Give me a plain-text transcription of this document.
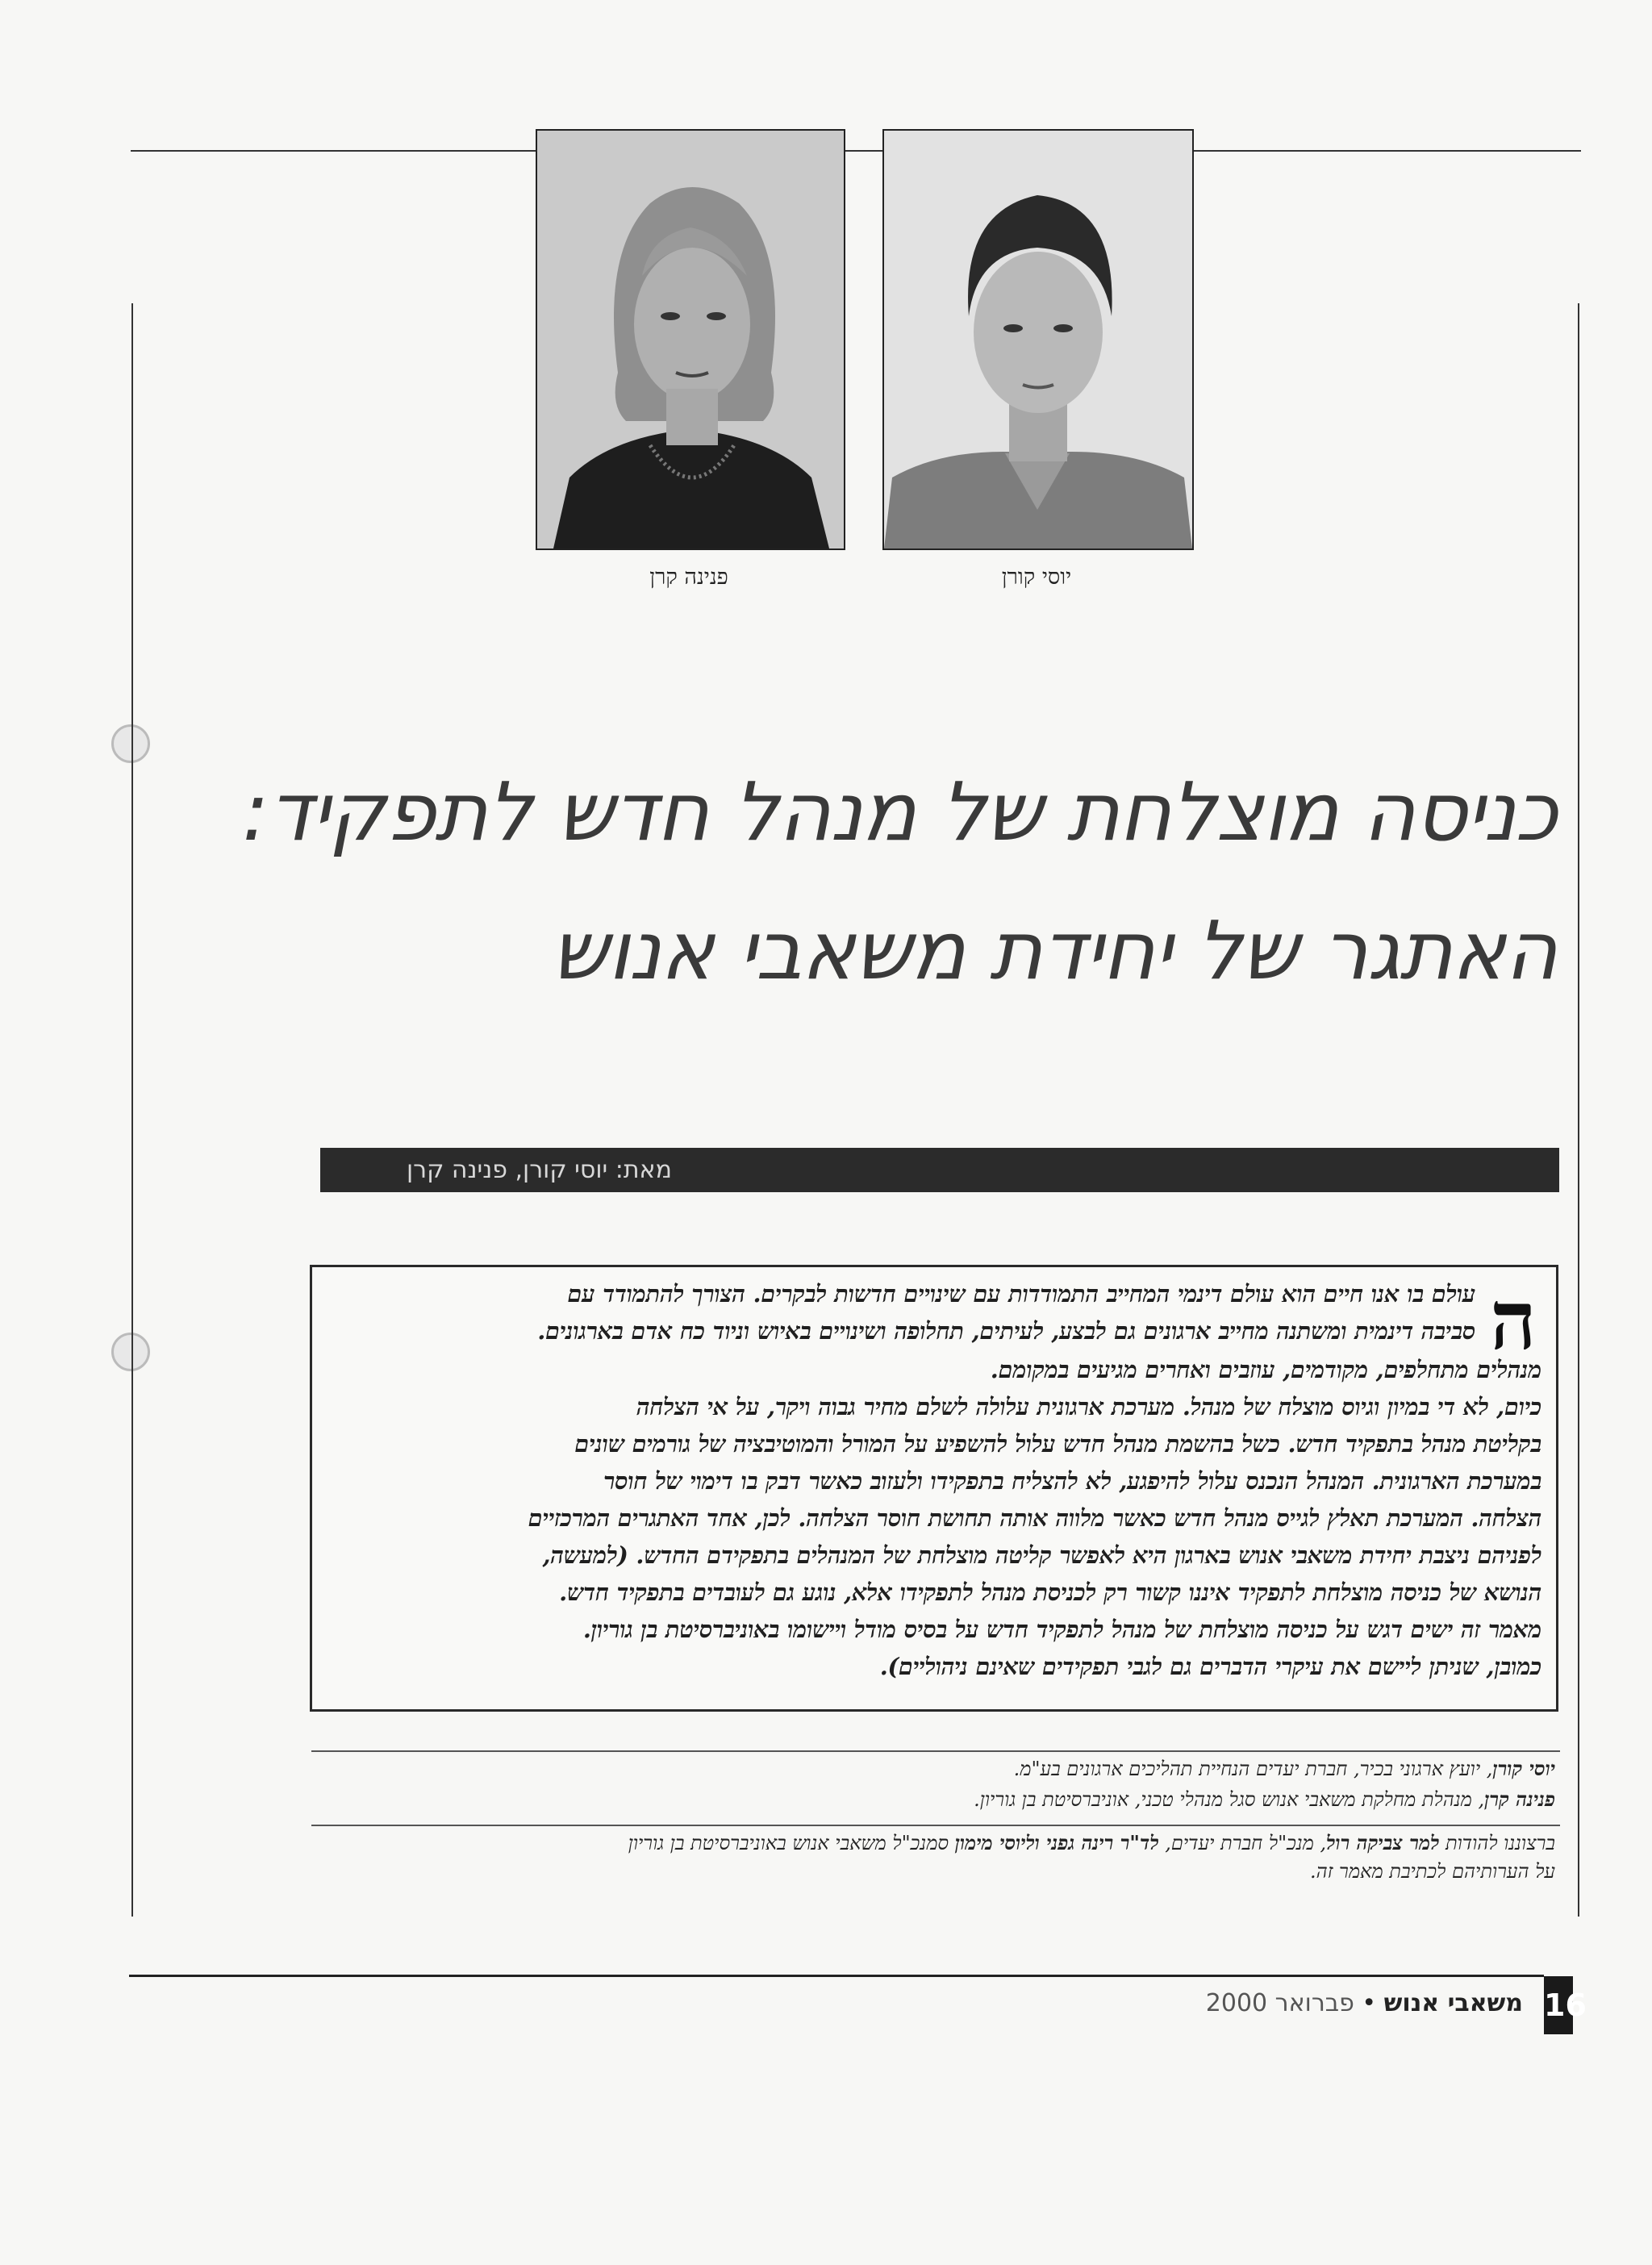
פנינה קרן	יוסי קורן
כניסה מוצלחת של מנהל חדש לתפקיד:
האתגר של יחידת משאבי אנוש
מאת: יוסי קורן, פנינה קרן
ה
עולם בו אנו חיים הוא עולם דינמי המחייב התמודדות עם שינויים חדשות לבקרים. הצורך להתמודד עם
סביבה דינמית ומשתנה מחייב ארגונים גם לבצע, לעיתים, תחלופה ושינויים באיוש וניוד כח אדם בארגונים.
מנהלים מתחלפים, מקודמים, עוזבים ואחרים מגיעים במקומם.
כיום, לא די במיון וגיוס מוצלח של מנהל. מערכת ארגונית עלולה לשלם מחיר גבוה ויקר, על אי הצלחה
בקליטת מנהל בתפקיד חדש. כשל בהשמת מנהל חדש עלול להשפיע על המורל והמוטיבציה של גורמים שונים
במערכת הארגונית. המנהל הנכנס עלול להיפגע, לא להצליח בתפקידו ולעזוב כאשר דבק בו דימוי של חוסר
הצלחה. המערכת תאלץ לגייס מנהל חדש כאשר מלווה אותה תחושת חוסר הצלחה. לכן, אחד האתגרים המרכזיים
לפניהם ניצבת יחידת משאבי אנוש בארגון היא לאפשר קליטה מוצלחת של המנהלים בתפקידם החדש. (למעשה,
הנושא של כניסה מוצלחת לתפקיד איננו קשור רק לכניסת מנהל לתפקידו אלא, נוגע גם לעובדים בתפקיד חדש.
מאמר זה ישים דגש על כניסה מוצלחת של מנהל לתפקיד חדש על בסיס מודל ויישומו באוניברסיטת בן גוריון.
כמובן, שניתן ליישם את עיקרי הדברים גם לגבי תפקידים שאינם ניהוליים).
יוסי קורן, יועץ ארגוני בכיר, חברת יעדים הנחיית תהליכים ארגונים בע"מ.
פנינה קרן, מנהלת מחלקת משאבי אנוש סגל מנהלי טכני, אוניברסיטת בן גוריון.
ברצוננו להודות למר צביקה רול, מנכ"ל חברת יעדים, לד"ר רינה גפני וליוסי מימון סמנכ"ל משאבי אנוש באוניברסיטת בן גוריון
על הערותיהם לכתיבת מאמר זה.
16
משאבי אנוש • פברואר 2000
